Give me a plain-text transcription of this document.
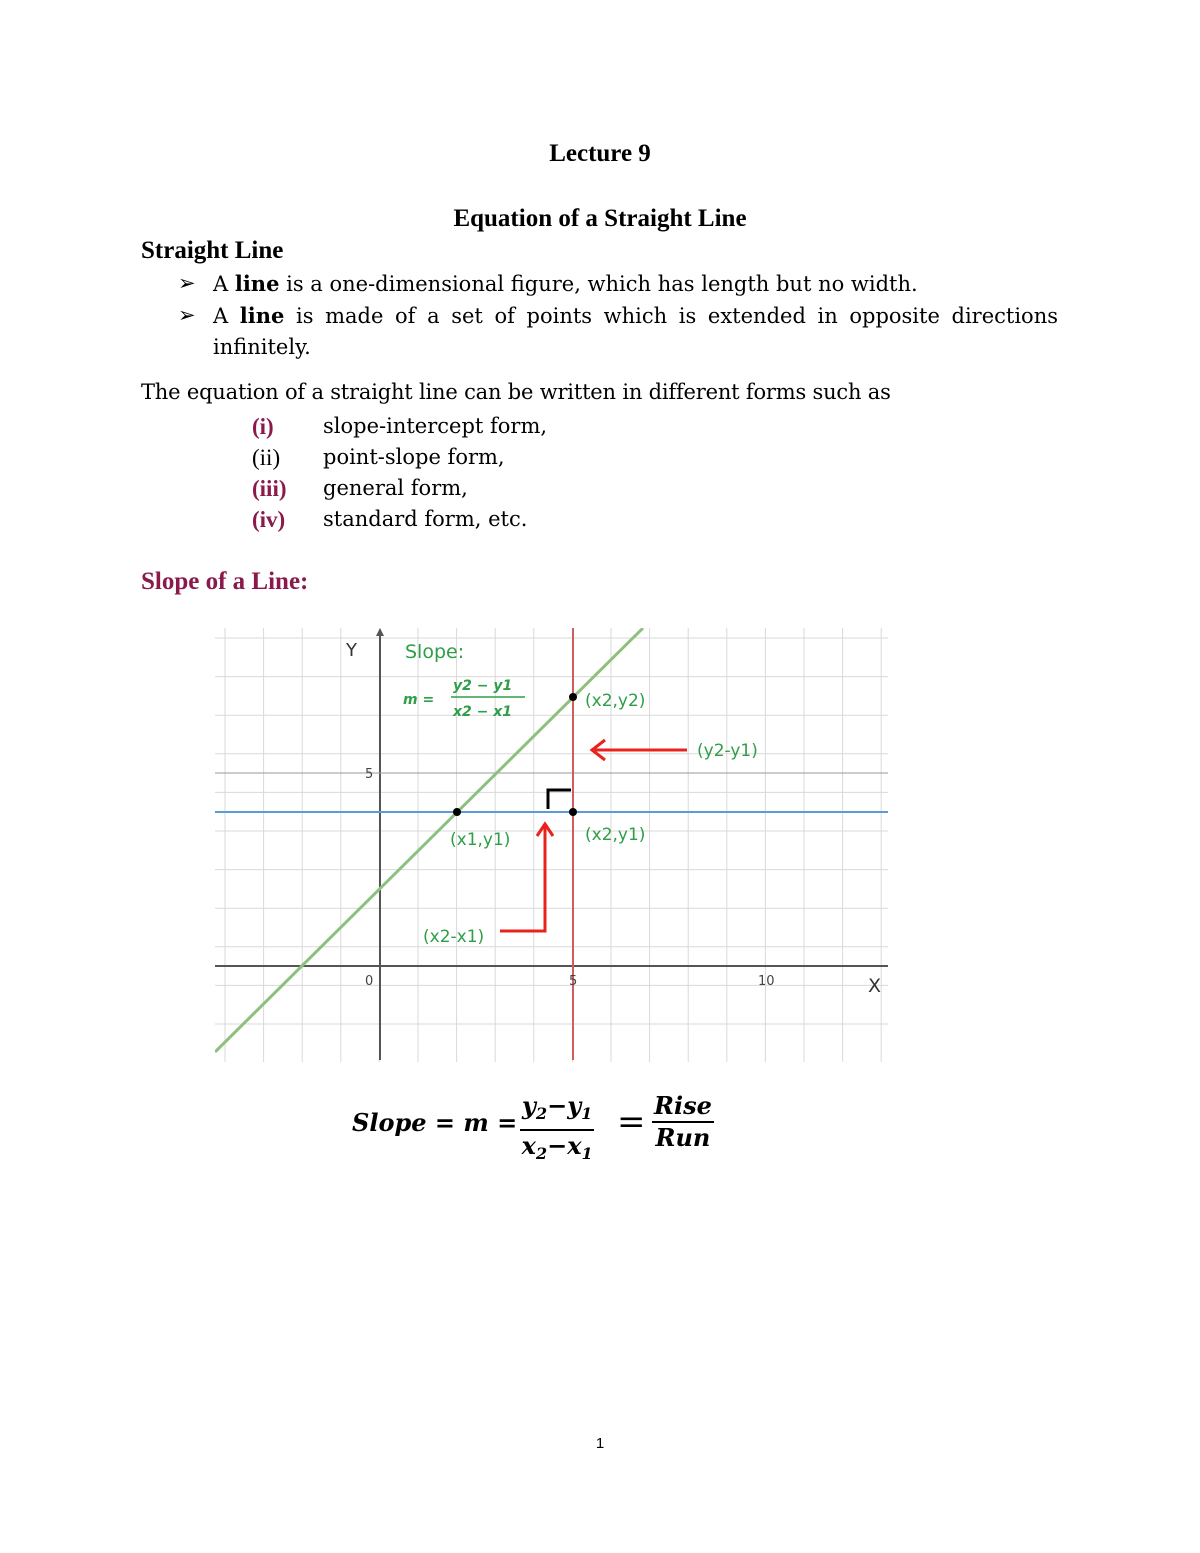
Lecture 9
Equation of a Straight Line
Straight Line
➢ A line is a one-dimensional figure, which has length but no width.
➢ A line is made of a set of points which is extended in opposite directions infinitely.
The equation of a straight line can be written in different forms such as
(i) slope-intercept form,
(ii) point-slope form,
(iii) general form,
(iv) standard form, etc.
Slope of a Line:
Y
X
5
0	5	10
Slope:
m =
y2 − y1
x2 − x1
(x2,y2)
(x1,y1)	(x2,y1)
(y2-y1)
(x2-x1)
Slope = $m = \frac{y_2-y_1}{x_2-x_1}$ = Rise
Run
1
